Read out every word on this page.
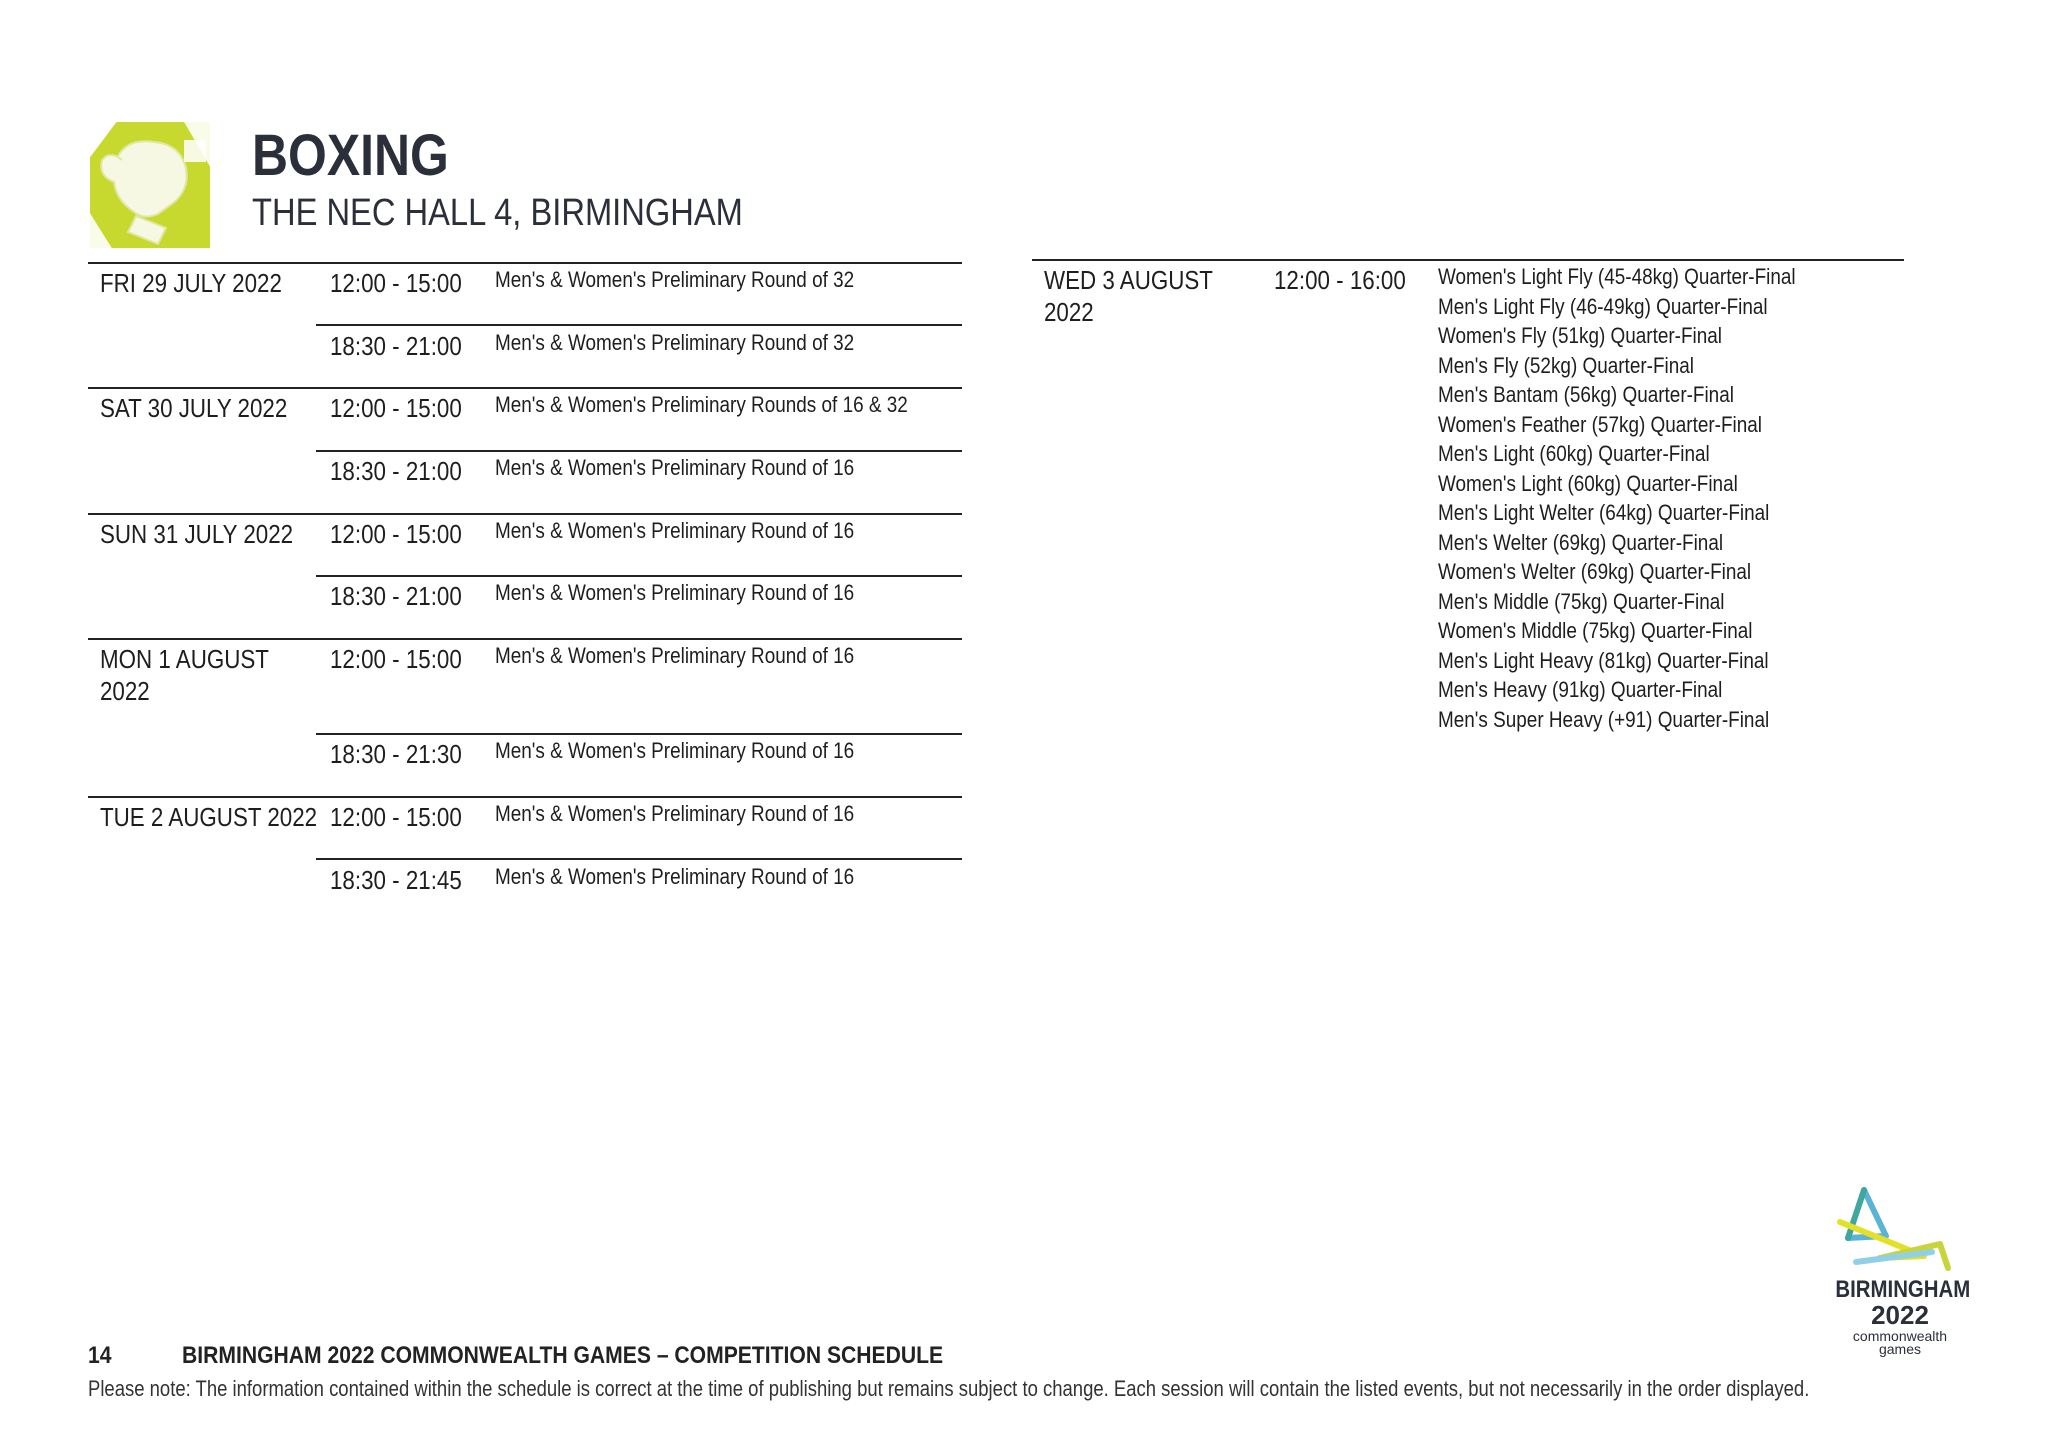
BOXING
THE NEC HALL 4, BIRMINGHAM
FRI 29 JULY 2022 12:00 - 15:00 Men's & Women's Preliminary Round of 32
18:30 - 21:00 Men's & Women's Preliminary Round of 32
SAT 30 JULY 2022 12:00 - 15:00 Men's & Women's Preliminary Rounds of 16 & 32
18:30 - 21:00 Men's & Women's Preliminary Round of 16
SUN 31 JULY 2022 12:00 - 15:00 Men's & Women's Preliminary Round of 16
18:30 - 21:00 Men's & Women's Preliminary Round of 16
MON 1 AUGUST
2022
12:00 - 15:00 Men's & Women's Preliminary Round of 16
18:30 - 21:30 Men's & Women's Preliminary Round of 16
TUE 2 AUGUST 2022 12:00 - 15:00 Men's & Women's Preliminary Round of 16
18:30 - 21:45 Men's & Women's Preliminary Round of 16
WED 3 AUGUST
2022
12:00 - 16:00 Women's Light Fly (45-48kg) Quarter-Final
Men's Light Fly (46-49kg) Quarter-Final
Women's Fly (51kg) Quarter-Final
Men's Fly (52kg) Quarter-Final
Men's Bantam (56kg) Quarter-Final
Women's Feather (57kg) Quarter-Final
Men's Light (60kg) Quarter-Final
Women's Light (60kg) Quarter-Final
Men's Light Welter (64kg) Quarter-Final
Men's Welter (69kg) Quarter-Final
Women's Welter (69kg) Quarter-Final
Men's Middle (75kg) Quarter-Final
Women's Middle (75kg) Quarter-Final
Men's Light Heavy (81kg) Quarter-Final
Men's Heavy (91kg) Quarter-Final
Men's Super Heavy (+91) Quarter-Final
BIRMINGHAM
2022
commonwealth
games
14	BIRMINGHAM 2022 COMMONWEALTH GAMES – COMPETITION SCHEDULE
Please note: The information contained within the schedule is correct at the time of publishing but remains subject to change. Each session will contain the listed events, but not necessarily in the order displayed.
